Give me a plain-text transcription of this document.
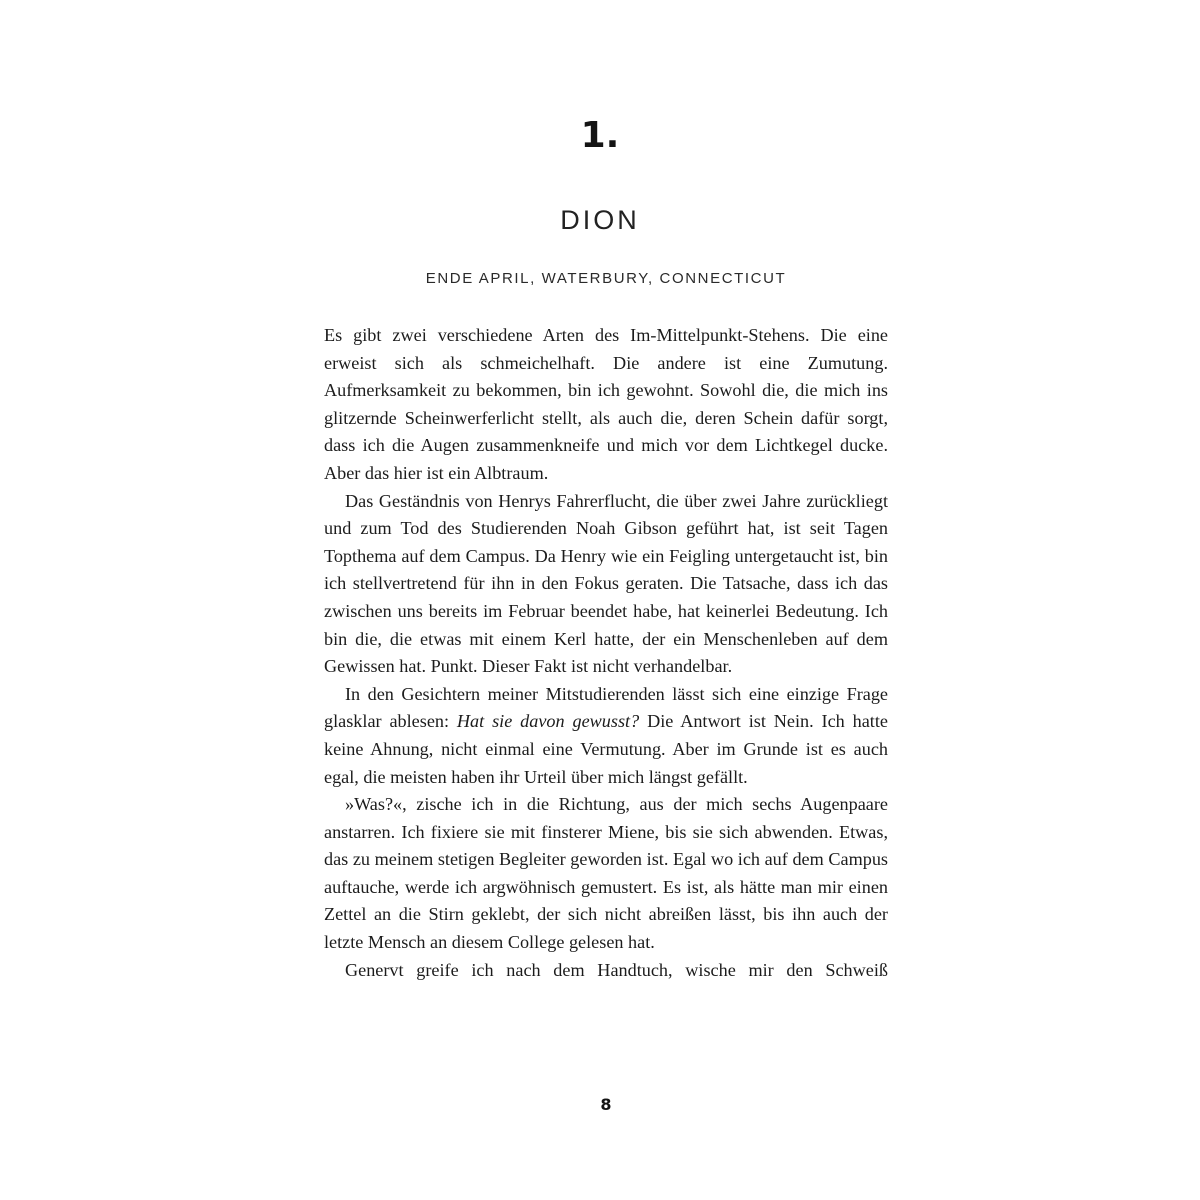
1.
DION
ENDE APRIL, WATERBURY, CONNECTICUT

Es gibt zwei verschiedene Arten des Im-Mittelpunkt-Stehens. Die eine erweist sich als schmeichelhaft. Die andere ist eine Zumutung. Aufmerksamkeit zu bekommen, bin ich gewohnt. Sowohl die, die mich ins glitzernde Scheinwerferlicht stellt, als auch die, deren Schein dafür sorgt, dass ich die Augen zusammenkneife und mich vor dem Lichtkegel ducke. Aber das hier ist ein Albtraum.

Das Geständnis von Henrys Fahrerflucht, die über zwei Jahre zurückliegt und zum Tod des Studierenden Noah Gibson geführt hat, ist seit Tagen Topthema auf dem Campus. Da Henry wie ein Feigling untergetaucht ist, bin ich stellvertretend für ihn in den Fokus geraten. Die Tatsache, dass ich das zwischen uns bereits im Februar beendet habe, hat keinerlei Bedeutung. Ich bin die, die etwas mit einem Kerl hatte, der ein Menschenleben auf dem Gewissen hat. Punkt. Dieser Fakt ist nicht verhandelbar.

In den Gesichtern meiner Mitstudierenden lässt sich eine einzige Frage glasklar ablesen: Hat sie davon gewusst? Die Antwort ist Nein. Ich hatte keine Ahnung, nicht einmal eine Vermutung. Aber im Grunde ist es auch egal, die meisten haben ihr Urteil über mich längst gefällt.

»Was?«, zische ich in die Richtung, aus der mich sechs Augenpaare anstarren. Ich fixiere sie mit finsterer Miene, bis sie sich abwenden. Etwas, das zu meinem stetigen Begleiter geworden ist. Egal wo ich auf dem Campus auftauche, werde ich argwöhnisch gemustert. Es ist, als hätte man mir einen Zettel an die Stirn geklebt, der sich nicht abreißen lässt, bis ihn auch der letzte Mensch an diesem College gelesen hat.

Genervt greife ich nach dem Handtuch, wische mir den Schweiß

8
